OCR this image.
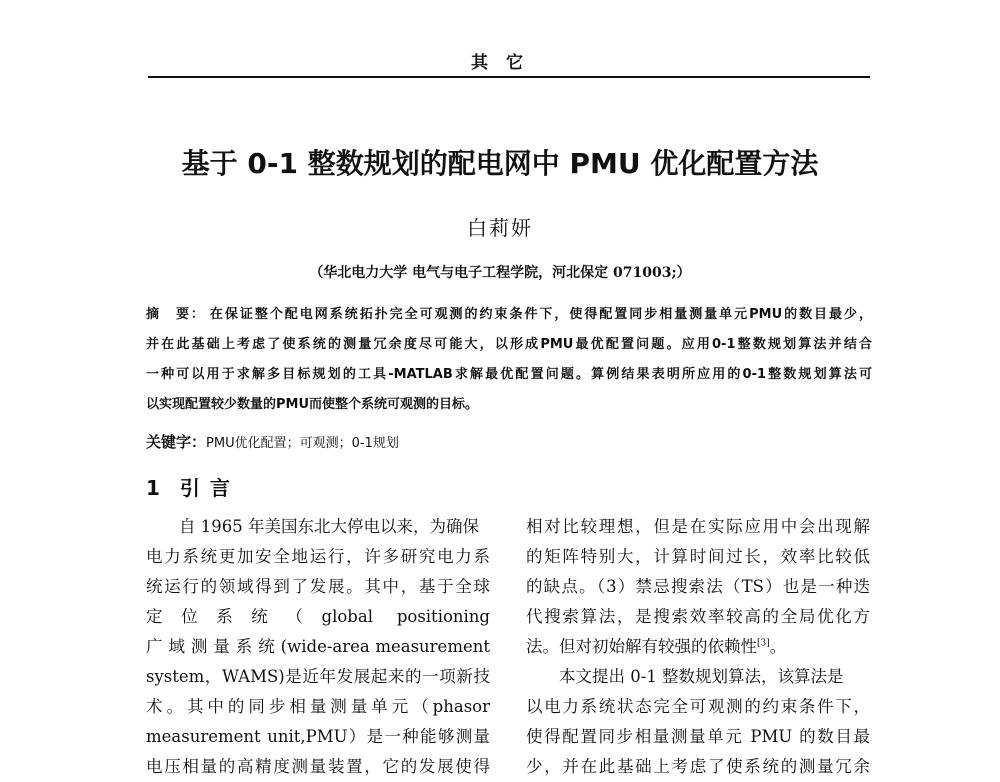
其 它
基于 0-1 整数规划的配电网中 PMU 优化配置方法
白莉妍
（华北电力大学 电气与电子工程学院，河北保定 071003;）
摘　要： 在保证整个配电网系统拓扑完全可观测的约束条件下，使得配置同步相量测量单元PMU的数目最少，
并在此基础上考虑了使系统的测量冗余度尽可能大，以形成PMU最优配置问题。应用0-1整数规划算法并结合
一种可以用于求解多目标规划的工具-MATLAB求解最优配置问题。算例结果表明所应用的0-1整数规划算法可
以实现配置较少数量的PMU而使整个系统可观测的目标。
关键字：PMU优化配置；可观测；0-1规划
1 引言
　　自 1965 年美国东北大停电以来，为确保
电力系统更加安全地运行，许多研究电力系
统运行的领域得到了发展。其中，基于全球
定位系统（global positioning
广 域 测 量 系 统 (wide-area measurement
system，WAMS)是近年发展起来的一项新技
术。其中的同步相量测量单元（phasor
measurement unit,PMU）是一种能够测量
电压相量的高精度测量装置，它的发展使得
相对比较理想，但是在实际应用中会出现解
的矩阵特别大，计算时间过长，效率比较低
的缺点。（3）禁忌搜索法（TS）也是一种迭
代搜索算法，是搜索效率较高的全局优化方
法。但对初始解有较强的依赖性[3]。
　　本文提出 0-1 整数规划算法，该算法是
以电力系统状态完全可观测的约束条件下，
使得配置同步相量测量单元 PMU 的数目最
少，并在此基础上考虑了使系统的测量冗余
